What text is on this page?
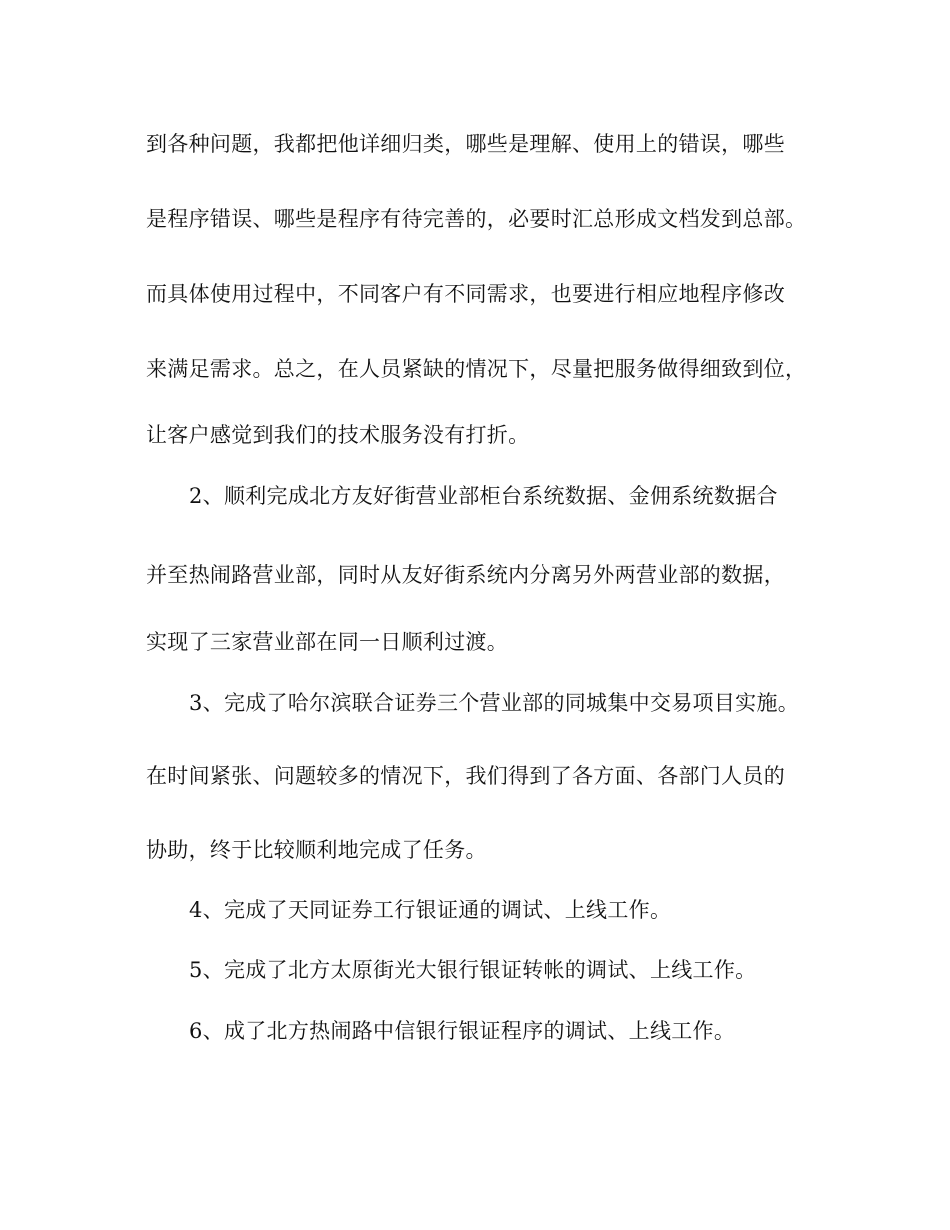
到各种问题，我都把他详细归类，哪些是理解、使用上的错误，哪些
是程序错误、哪些是程序有待完善的，必要时汇总形成文档发到总部。
而具体使用过程中，不同客户有不同需求，也要进行相应地程序修改
来满足需求。总之，在人员紧缺的情况下，尽量把服务做得细致到位，
让客户感觉到我们的技术服务没有打折。
2、顺利完成北方友好街营业部柜台系统数据、金佣系统数据合
并至热闹路营业部，同时从友好街系统内分离另外两营业部的数据，
实现了三家营业部在同一日顺利过渡。
3、完成了哈尔滨联合证券三个营业部的同城集中交易项目实施。
在时间紧张、问题较多的情况下，我们得到了各方面、各部门人员的
协助，终于比较顺利地完成了任务。
4、完成了天同证券工行银证通的调试、上线工作。
5、完成了北方太原街光大银行银证转帐的调试、上线工作。
6、成了北方热闹路中信银行银证程序的调试、上线工作。
